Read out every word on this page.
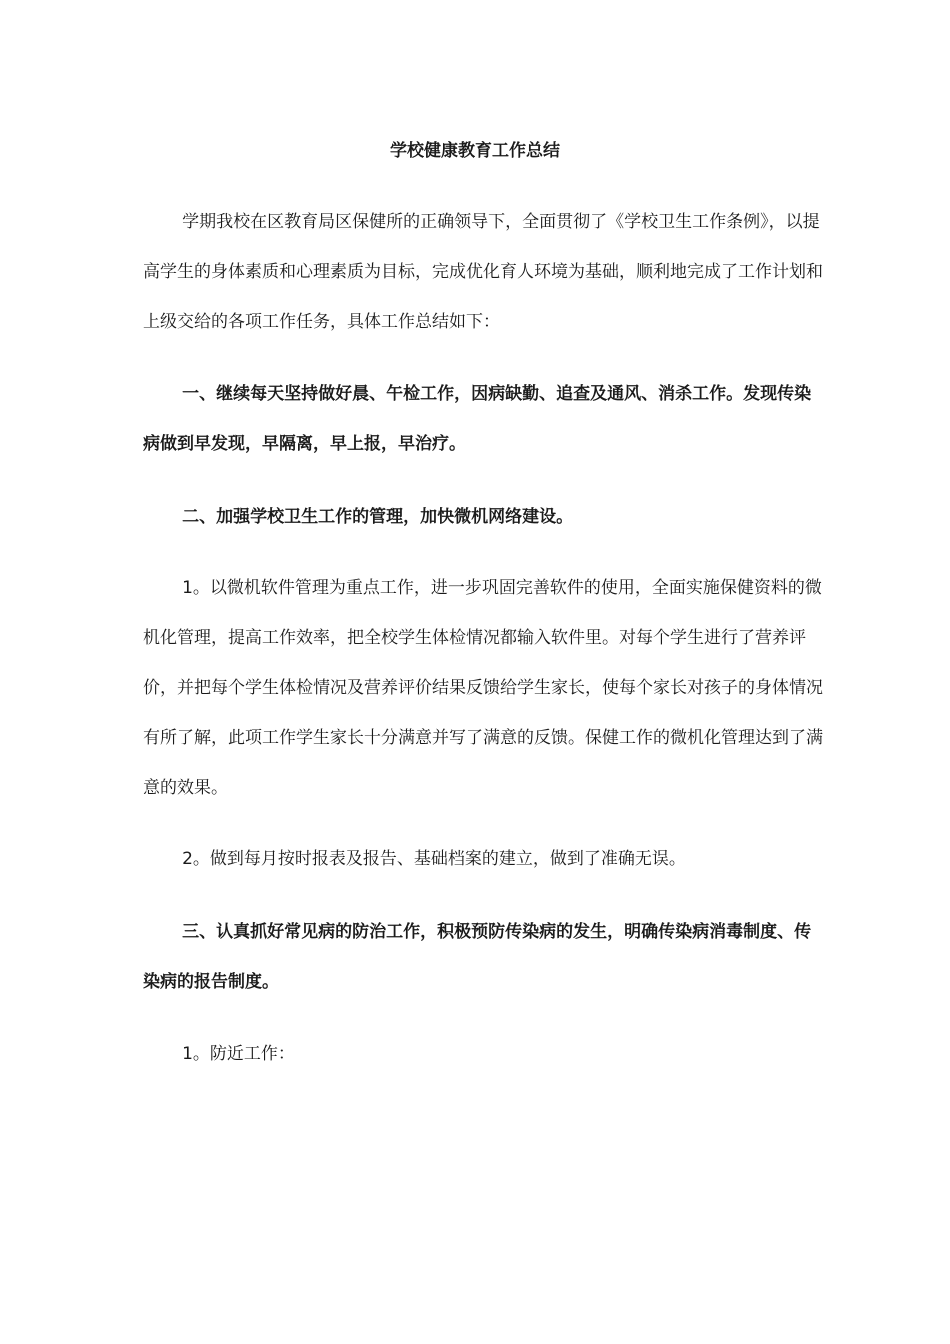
学校健康教育工作总结

学期我校在区教育局区保健所的正确领导下，全面贯彻了《学校卫生工作条例》，以提高学生的身体素质和心理素质为目标，完成优化育人环境为基础，顺利地完成了工作计划和上级交给的各项工作任务，具体工作总结如下：

一、继续每天坚持做好晨、午检工作，因病缺勤、追查及通风、消杀工作。发现传染病做到早发现，早隔离，早上报，早治疗。

二、加强学校卫生工作的管理，加快微机网络建设。

1。以微机软件管理为重点工作，进一步巩固完善软件的使用，全面实施保健资料的微机化管理，提高工作效率，把全校学生体检情况都输入软件里。对每个学生进行了营养评价，并把每个学生体检情况及营养评价结果反馈给学生家长，使每个家长对孩子的身体情况有所了解，此项工作学生家长十分满意并写了满意的反馈。保健工作的微机化管理达到了满意的效果。

2。做到每月按时报表及报告、基础档案的建立，做到了准确无误。

三、认真抓好常见病的防治工作，积极预防传染病的发生，明确传染病消毒制度、传染病的报告制度。

1。防近工作：
